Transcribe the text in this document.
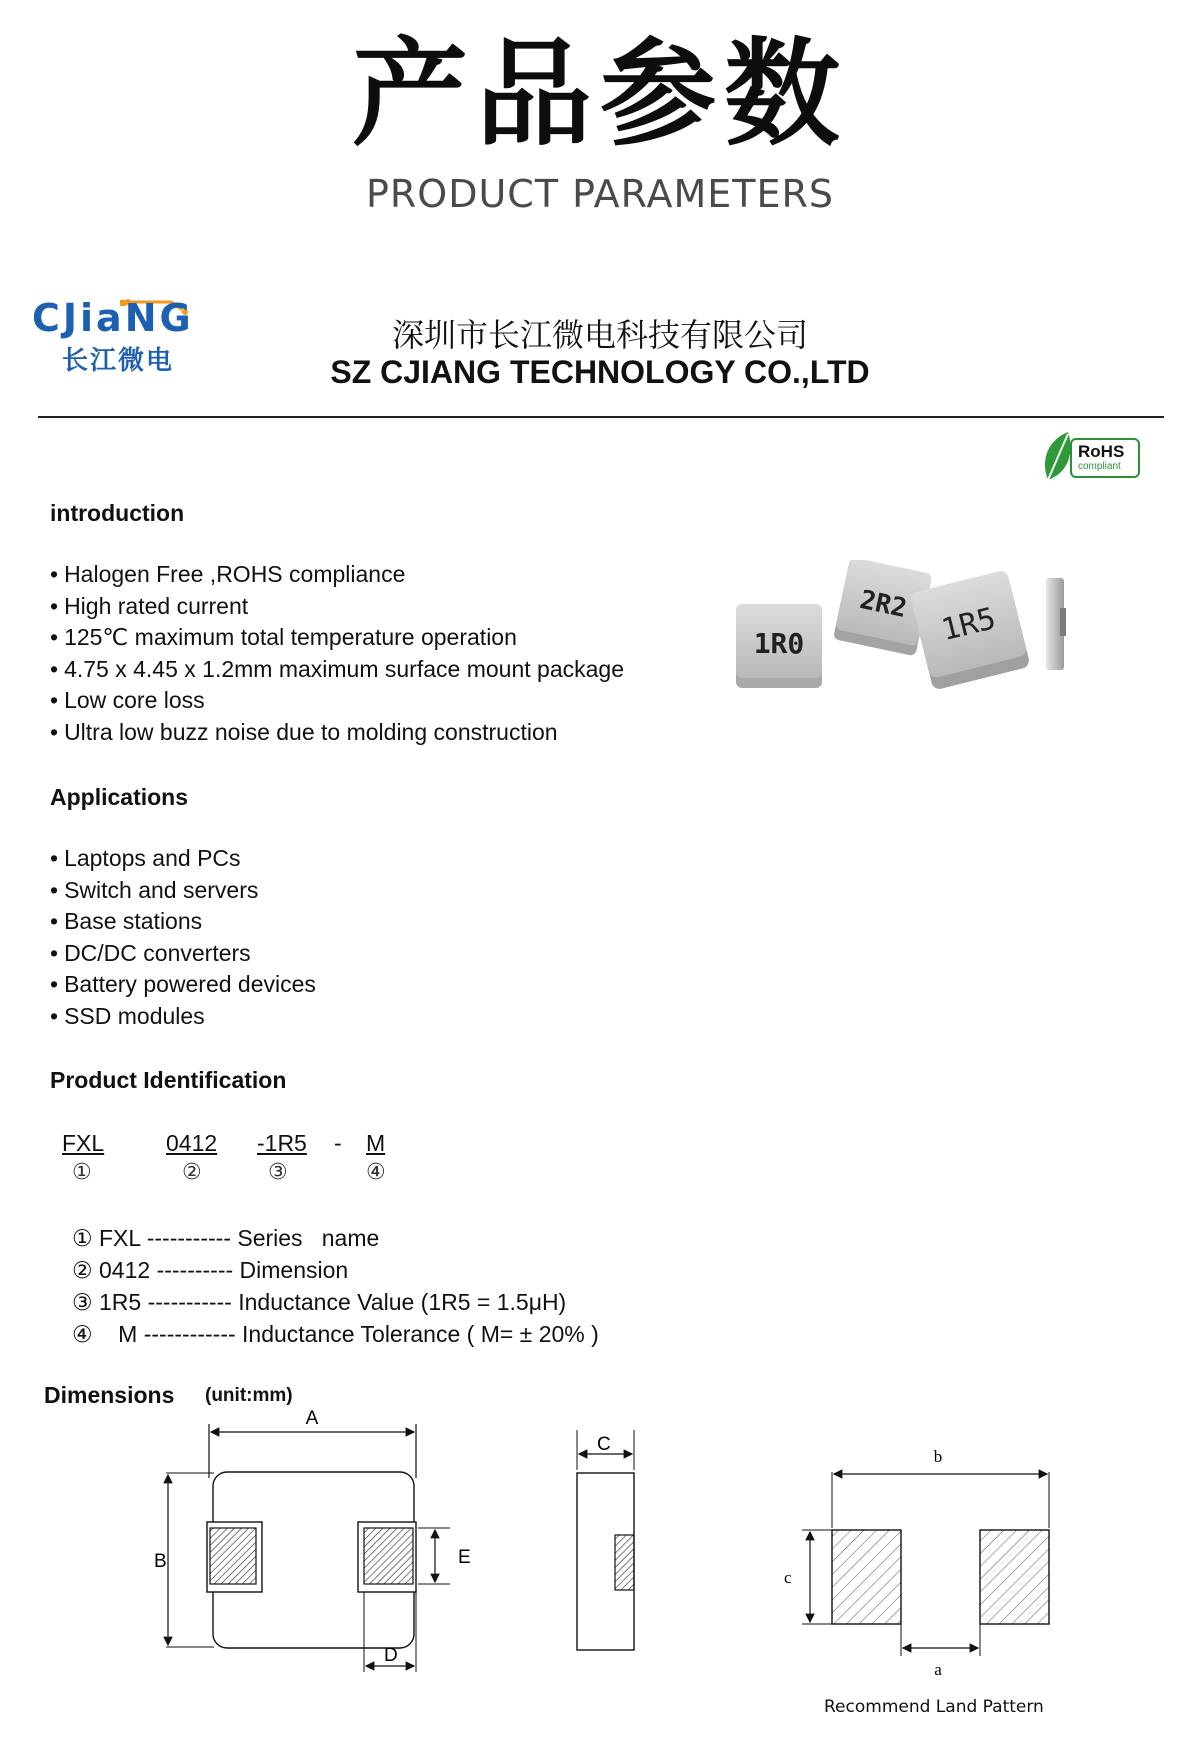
产品参数
PRODUCT PARAMETERS
CJiaNG
长江微电
深圳市长江微电科技有限公司
SZ CJIANG TECHNOLOGY CO.,LTD
RoHS
compliant
introduction
• Halogen Free ,ROHS compliance
• High rated current
• 125℃ maximum total temperature operation
• 4.75 x 4.45 x 1.2mm maximum surface mount package
• Low core loss
• Ultra low buzz noise due to molding construction
1R0
2R2 1R5
Applications
• Laptops and PCs
• Switch and servers
• Base stations
• DC/DC converters
• Battery powered devices
• SSD modules
Product Identification
FXL	0412 -1R5 - M
①	②	③	④
① FXL ----------- Series   name
② 0412 ---------- Dimension
③ 1R5 ----------- Inductance Value (1R5 = 1.5μH)
④    M ------------ Inductance Tolerance ( M= ± 20% )
Dimensions (unit:mm)
A
B	E
D
C
b
c
a
Recommend Land Pattern
